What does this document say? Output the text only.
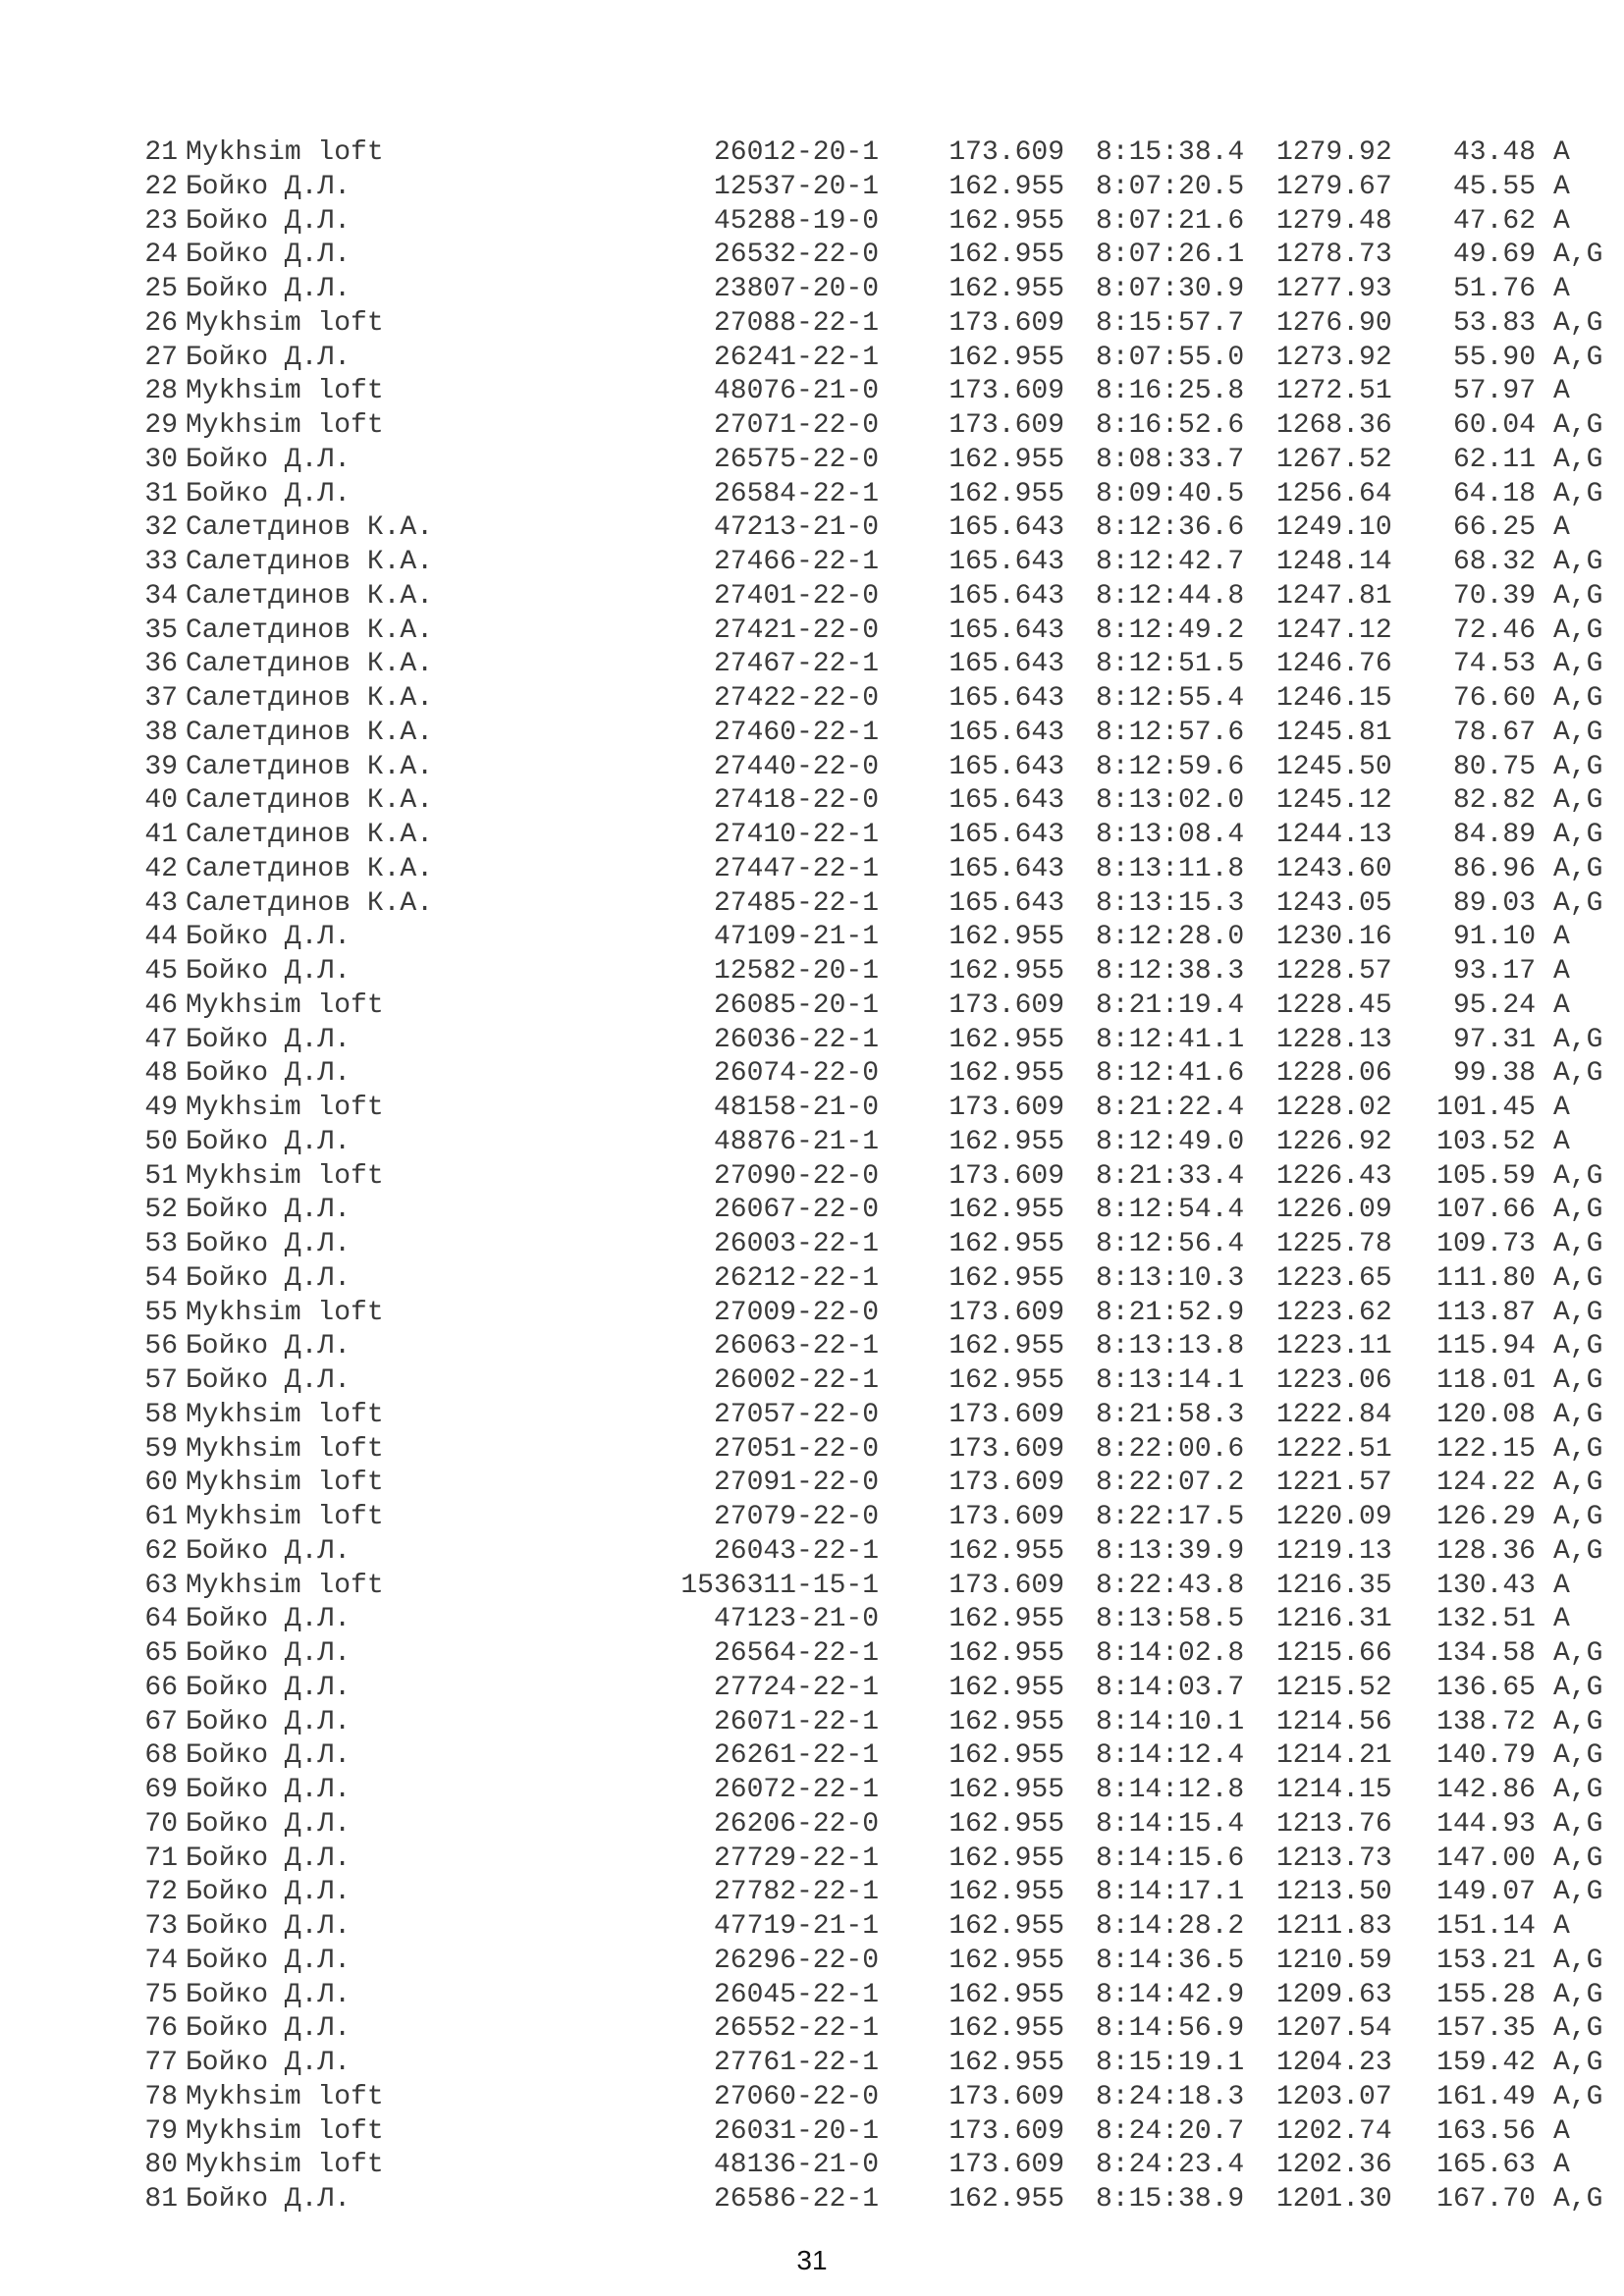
21 Mykhsim loft	26012-20-1	173.609 8:15:38.4	1279.92	43.48 A
22 Бойко Д.Л.	12537-20-1	162.955 8:07:20.5	1279.67	45.55 A
23 Бойко Д.Л.	45288-19-0	162.955 8:07:21.6	1279.48	47.62 A
24 Бойко Д.Л.	26532-22-0	162.955 8:07:26.1	1278.73	49.69 A,G
25 Бойко Д.Л.	23807-20-0	162.955 8:07:30.9	1277.93	51.76 A
26 Mykhsim loft	27088-22-1	173.609 8:15:57.7	1276.90	53.83 A,G
27 Бойко Д.Л.	26241-22-1	162.955 8:07:55.0	1273.92	55.90 A,G
28 Mykhsim loft	48076-21-0	173.609 8:16:25.8	1272.51	57.97 A
29 Mykhsim loft	27071-22-0	173.609 8:16:52.6	1268.36	60.04 A,G
30 Бойко Д.Л.	26575-22-0	162.955 8:08:33.7	1267.52	62.11 A,G
31 Бойко Д.Л.	26584-22-1	162.955 8:09:40.5	1256.64	64.18 A,G
32 Салетдинов К.А.	47213-21-0	165.643 8:12:36.6	1249.10	66.25 A
33 Салетдинов К.А.	27466-22-1	165.643 8:12:42.7	1248.14	68.32 A,G
34 Салетдинов К.А.	27401-22-0	165.643 8:12:44.8	1247.81	70.39 A,G
35 Салетдинов К.А.	27421-22-0	165.643 8:12:49.2	1247.12	72.46 A,G
36 Салетдинов К.А.	27467-22-1	165.643 8:12:51.5	1246.76	74.53 A,G
37 Салетдинов К.А.	27422-22-0	165.643 8:12:55.4	1246.15	76.60 A,G
38 Салетдинов К.А.	27460-22-1	165.643 8:12:57.6	1245.81	78.67 A,G
39 Салетдинов К.А.	27440-22-0	165.643 8:12:59.6	1245.50	80.75 A,G
40 Салетдинов К.А.	27418-22-0	165.643 8:13:02.0	1245.12	82.82 A,G
41 Салетдинов К.А.	27410-22-1	165.643 8:13:08.4	1244.13	84.89 A,G
42 Салетдинов К.А.	27447-22-1	165.643 8:13:11.8	1243.60	86.96 A,G
43 Салетдинов К.А.	27485-22-1	165.643 8:13:15.3	1243.05	89.03 A,G
44 Бойко Д.Л.	47109-21-1	162.955 8:12:28.0	1230.16	91.10 A
45 Бойко Д.Л.	12582-20-1	162.955 8:12:38.3	1228.57	93.17 A
46 Mykhsim loft	26085-20-1	173.609 8:21:19.4	1228.45	95.24 A
47 Бойко Д.Л.	26036-22-1	162.955 8:12:41.1	1228.13	97.31 A,G
48 Бойко Д.Л.	26074-22-0	162.955 8:12:41.6	1228.06	99.38 A,G
49 Mykhsim loft	48158-21-0	173.609 8:21:22.4	1228.02	101.45 A
50 Бойко Д.Л.	48876-21-1	162.955 8:12:49.0	1226.92	103.52 A
51 Mykhsim loft	27090-22-0	173.609 8:21:33.4	1226.43	105.59 A,G
52 Бойко Д.Л.	26067-22-0	162.955 8:12:54.4	1226.09	107.66 A,G
53 Бойко Д.Л.	26003-22-1	162.955 8:12:56.4	1225.78	109.73 A,G
54 Бойко Д.Л.	26212-22-1	162.955 8:13:10.3	1223.65	111.80 A,G
55 Mykhsim loft	27009-22-0	173.609 8:21:52.9	1223.62	113.87 A,G
56 Бойко Д.Л.	26063-22-1	162.955 8:13:13.8	1223.11	115.94 A,G
57 Бойко Д.Л.	26002-22-1	162.955 8:13:14.1	1223.06	118.01 A,G
58 Mykhsim loft	27057-22-0	173.609 8:21:58.3	1222.84	120.08 A,G
59 Mykhsim loft	27051-22-0	173.609 8:22:00.6	1222.51	122.15 A,G
60 Mykhsim loft	27091-22-0	173.609 8:22:07.2	1221.57	124.22 A,G
61 Mykhsim loft	27079-22-0	173.609 8:22:17.5	1220.09	126.29 A,G
62 Бойко Д.Л.	26043-22-1	162.955 8:13:39.9	1219.13	128.36 A,G
63 Mykhsim loft	1536311-15-1	173.609 8:22:43.8	1216.35	130.43 A
64 Бойко Д.Л.	47123-21-0	162.955 8:13:58.5	1216.31	132.51 A
65 Бойко Д.Л.	26564-22-1	162.955 8:14:02.8	1215.66	134.58 A,G
66 Бойко Д.Л.	27724-22-1	162.955 8:14:03.7	1215.52	136.65 A,G
67 Бойко Д.Л.	26071-22-1	162.955 8:14:10.1	1214.56	138.72 A,G
68 Бойко Д.Л.	26261-22-1	162.955 8:14:12.4	1214.21	140.79 A,G
69 Бойко Д.Л.	26072-22-1	162.955 8:14:12.8	1214.15	142.86 A,G
70 Бойко Д.Л.	26206-22-0	162.955 8:14:15.4	1213.76	144.93 A,G
71 Бойко Д.Л.	27729-22-1	162.955 8:14:15.6	1213.73	147.00 A,G
72 Бойко Д.Л.	27782-22-1	162.955 8:14:17.1	1213.50	149.07 A,G
73 Бойко Д.Л.	47719-21-1	162.955 8:14:28.2	1211.83	151.14 A
74 Бойко Д.Л.	26296-22-0	162.955 8:14:36.5	1210.59	153.21 A,G
75 Бойко Д.Л.	26045-22-1	162.955 8:14:42.9	1209.63	155.28 A,G
76 Бойко Д.Л.	26552-22-1	162.955 8:14:56.9	1207.54	157.35 A,G
77 Бойко Д.Л.	27761-22-1	162.955 8:15:19.1	1204.23	159.42 A,G
78 Mykhsim loft	27060-22-0	173.609 8:24:18.3	1203.07	161.49 A,G
79 Mykhsim loft	26031-20-1	173.609 8:24:20.7	1202.74	163.56 A
80 Mykhsim loft	48136-21-0	173.609 8:24:23.4	1202.36	165.63 A
81 Бойко Д.Л.	26586-22-1	162.955 8:15:38.9	1201.30	167.70 A,G
31
